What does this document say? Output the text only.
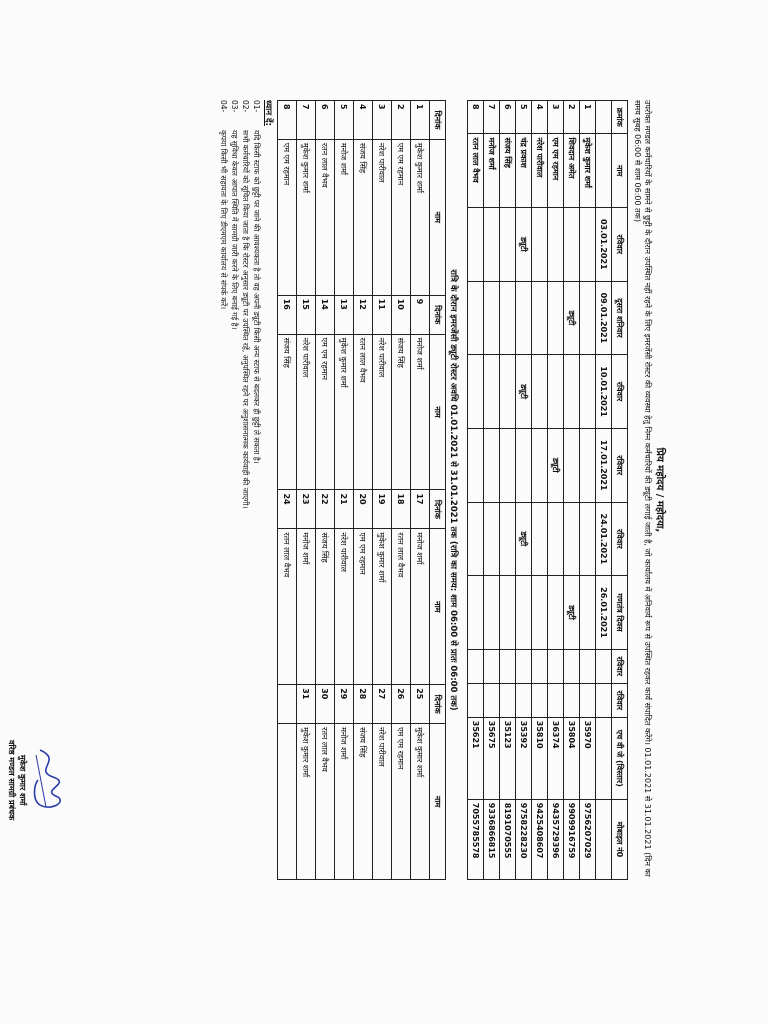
प्रिय महोदय / महोदया,
उपरोक्त मण्डल कर्मचारियों के सामने से छुट्टी के दौरान उपस्थित नहीं रहने के लिए इमरजेंसी रोस्टर की व्यवस्था हेतु निम्न कर्मचारियों की ड्यूटी लगाई जाती है, जो कार्यालय में अनिवार्य रूप से उपस्थित रहकर कार्य संपादित करेंगे। 01.01.2021 से 31.01.2021 (दिन का समय सुबह 06:00 से शाम 06:00 तक)
क्रमांक	नाम	रविवार	दूसरा शनिवार	रविवार	रविवार	रविवार	गणतंत्र दिवस	रविवार	रविवार	एच वी जे (विस्तार)	मोबाइल नं0
		03.01.2021	09.01.2021	10.01.2021	17.01.2021	24.01.2021	26.01.2021				
1	मुकेश कुमार शर्मा									35970	9756207029
2	शिवदान अमेत		ड्यूटी				ड्यूटी			35804	9909916759
3	एम एम रहमान				ड्यूटी					36374	9435729396
4	नरेश पारीवाल									35810	9425408607
5	चंद्र प्रकाश	ड्यूटी		ड्यूटी		ड्यूटी				35392	9758228230
6	संजय सिंह									35123	8191070555
7	मनोज शर्मा									35675	9336866815
8	रतन लाल वैभव									35621	7055785578
रात्रि के दौरान इमरजेंसी ड्यूटी रोस्टर अवधि 01.01.2021 से 31.01.2021 तक (रात्रि का समय: शाम 06:00 से प्रातः 06:00 तक)
दिनांक	नाम	दिनांक	नाम	दिनांक	नाम	दिनांक	नाम
1	मुकेश कुमार शर्मा	9	मनोज शर्मा	17	मनोज शर्मा	25	मुकेश कुमार शर्मा
2	एम एम रहमान	10	संजय सिंह	18	रतन लाल वैभव	26	एम एम रहमान
3	नरेश पारीवाल	11	नरेश पारीवाल	19	मुकेश कुमार शर्मा	27	नरेश पारीवाल
4	संजय सिंह	12	रतन लाल वैभव	20	एम एम रहमान	28	संजय सिंह
5	मनोज शर्मा	13	मुकेश कुमार शर्मा	21	नरेश पारीवाल	29	मनोज शर्मा
6	रतन लाल वैभव	14	एम एम रहमान	22	संजय सिंह	30	रतन लाल वैभव
7	मुकेश कुमार शर्मा	15	नरेश पारीवाल	23	मनोज शर्मा	31	मुकेश कुमार शर्मा
8	एम एम रहमान	16	संजय सिंह	24	रतन लाल वैभव		
ध्यान दें:
01-
यदि किसी स्टाफ को छुट्टी पर जाने की आवश्यकता है तो वह अपनी ड्यूटी किसी अन्य स्टाफ से बदलकर ही छुट्टी ले सकता है।
02-
सभी कर्मचारियों को सूचित किया जाता है कि रोस्टर अनुसार ड्यूटी पर उपस्थित रहें, अनुपस्थित रहने पर अनुशासनात्मक कार्यवाही की जाएगी।
03-
यह सुविधा केवल आपात स्थिति में सामग्री जारी करने के लिए बनाई गई है।
04-
कृपया किसी भी सहायता के लिए डीएमएम कार्यालय से संपर्क करें।
मुकेश कुमार शर्मा
वरिष्ठ मण्डल सामग्री प्रबंधक
